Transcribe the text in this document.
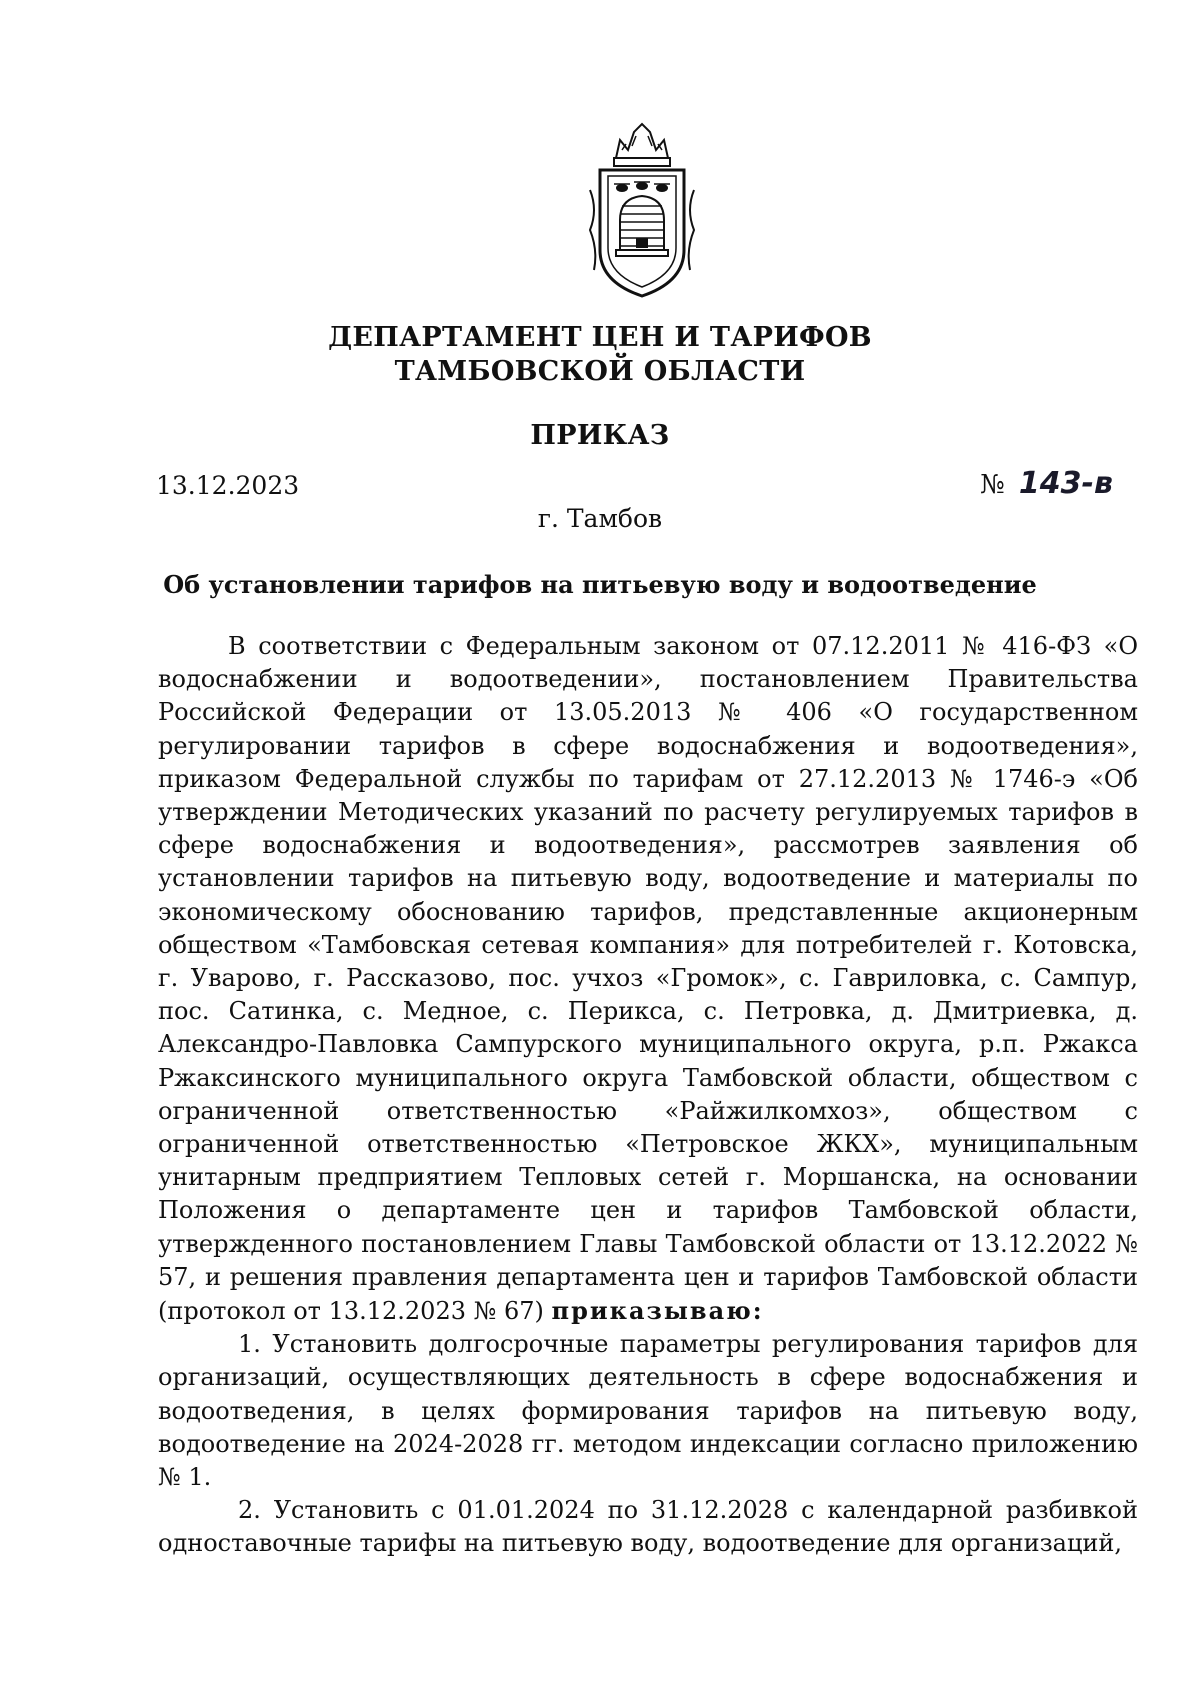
ДЕПАРТАМЕНТ ЦЕН И ТАРИФОВ
ТАМБОВСКОЙ ОБЛАСТИ
ПРИКАЗ
13.12.2023	№ 143-в
г. Тамбов
Об установлении тарифов на питьевую воду и водоотведение

В соответствии с Федеральным законом от 07.12.2011 № 416-ФЗ «О водоснабжении и водоотведении», постановлением Правительства Российской Федерации от 13.05.2013 № 406 «О государственном регулировании тарифов в сфере водоснабжения и водоотведения», приказом Федеральной службы по тарифам от 27.12.2013 № 1746-э «Об утверждении Методических указаний по расчету регулируемых тарифов в сфере водоснабжения и водоотведения», рассмотрев заявления об установлении тарифов на питьевую воду, водоотведение и материалы по экономическому обоснованию тарифов, представленные акционерным обществом «Тамбовская сетевая компания» для потребителей г. Котовска, г. Уварово, г. Рассказово, пос. учхоз «Громок», с. Гавриловка, с. Сампур, пос. Сатинка, с. Медное, с. Перикса, с. Петровка, д. Дмитриевка, д. Александро-Павловка Сампурского муниципального округа, р.п. Ржакса Ржаксинского муниципального округа Тамбовской области, обществом с ограниченной ответственностью «Райжилкомхоз», обществом с ограниченной ответственностью «Петровское ЖКХ», муниципальным унитарным предприятием Тепловых сетей г. Моршанска, на основании Положения о департаменте цен и тарифов Тамбовской области, утвержденного постановлением Главы Тамбовской области от 13.12.2022 № 57, и решения правления департамента цен и тарифов Тамбовской области (протокол от 13.12.2023 № 67) приказываю:

1. Установить долгосрочные параметры регулирования тарифов для организаций, осуществляющих деятельность в сфере водоснабжения и водоотведения, в целях формирования тарифов на питьевую воду, водоотведение на 2024-2028 гг. методом индексации согласно приложению № 1.

2. Установить с 01.01.2024 по 31.12.2028 с календарной разбивкой одноставочные тарифы на питьевую воду, водоотведение для организаций,
